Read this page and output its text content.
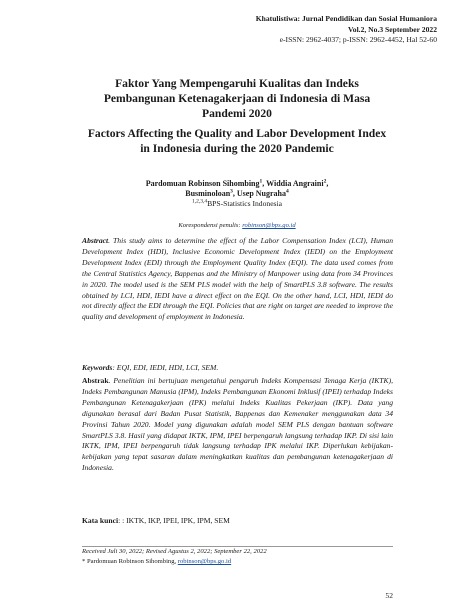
Khatulistiwa: Jurnal Pendidikan dan Sosial Humaniora
Vol.2, No.3 September 2022
e-ISSN: 2962-4037; p-ISSN: 2962-4452, Hal 52-60
Faktor Yang Mempengaruhi Kualitas dan Indeks
Pembangunan Ketenagakerjaan di Indonesia di Masa
Pandemi 2020
Factors Affecting the Quality and Labor Development Index
in Indonesia during the 2020 Pandemic
Pardomuan Robinson Sihombing$^1$, Widdia Angraini$^2$,
Busminoloan$^3$, Usep Nugraha$^4$
$^{1,2,3,4}$BPS-Statistics Indonesia
Korespondensi penulis: robinson@bps.go.id
Abstract. This study aims to determine the effect of the Labor Compensation Index (LCI), Human Development Index (HDI), Inclusive Economic Development Index (IEDI) on the Employment Development Index (EDI) through the Employment Quality Index (EQI). The data used comes from the Central Statistics Agency, Bappenas and the Ministry of Manpower using data from 34 Provinces in 2020. The model used is the SEM PLS model with the help of SmartPLS 3.8 software. The results obtained by LCI, HDI, IEDI have a direct effect on the EQI. On the other hand, LCI, HDI, IEDI do not directly affect the EDI through the EQI. Policies that are right on target are needed to improve the quality and development of employment in Indonesia.
Keywords: EQI, EDI, IEDI, HDI, LCI, SEM.
Abstrak. Penelitian ini bertujuan mengetahui pengaruh Indeks Kompensasi Tenaga Kerja (IKTK), Indeks Pembangunan Manusia (IPM), Indeks Pembangunan Ekonomi Inklusif (IPEI) terhadap Indeks Pembangunan Ketenagakerjaan (IPK) melalui Indeks Kualitas Pekerjaan (IKP). Data yang digunakan berasal dari Badan Pusat Statistik, Bappenas dan Kemenaker menggunakan data 34 Provinsi Tahun 2020. Model yang digunakan adalah model SEM PLS dengan bantuan software SmartPLS 3.8. Hasil yang didapat IKTK, IPM, IPEI berpengaruh langsung terhadap IKP. Di sisi lain IKTK, IPM, IPEI berpengaruh tidak langsung terhadap IPK melalui IKP. Diperlukan kebijakan-kebijakan yang tepat sasaran dalam meningkatkan kualitas dan pembangunan ketenagakerjaan di Indonesia.
Kata kunci: : IKTK, IKP, IPEI, IPK, IPM, SEM
Received Juli 30, 2022; Revised Agustus 2, 2022; September 22, 2022
* Pardomuan Robinson Sihombing, robinson@bps.go.id
52
